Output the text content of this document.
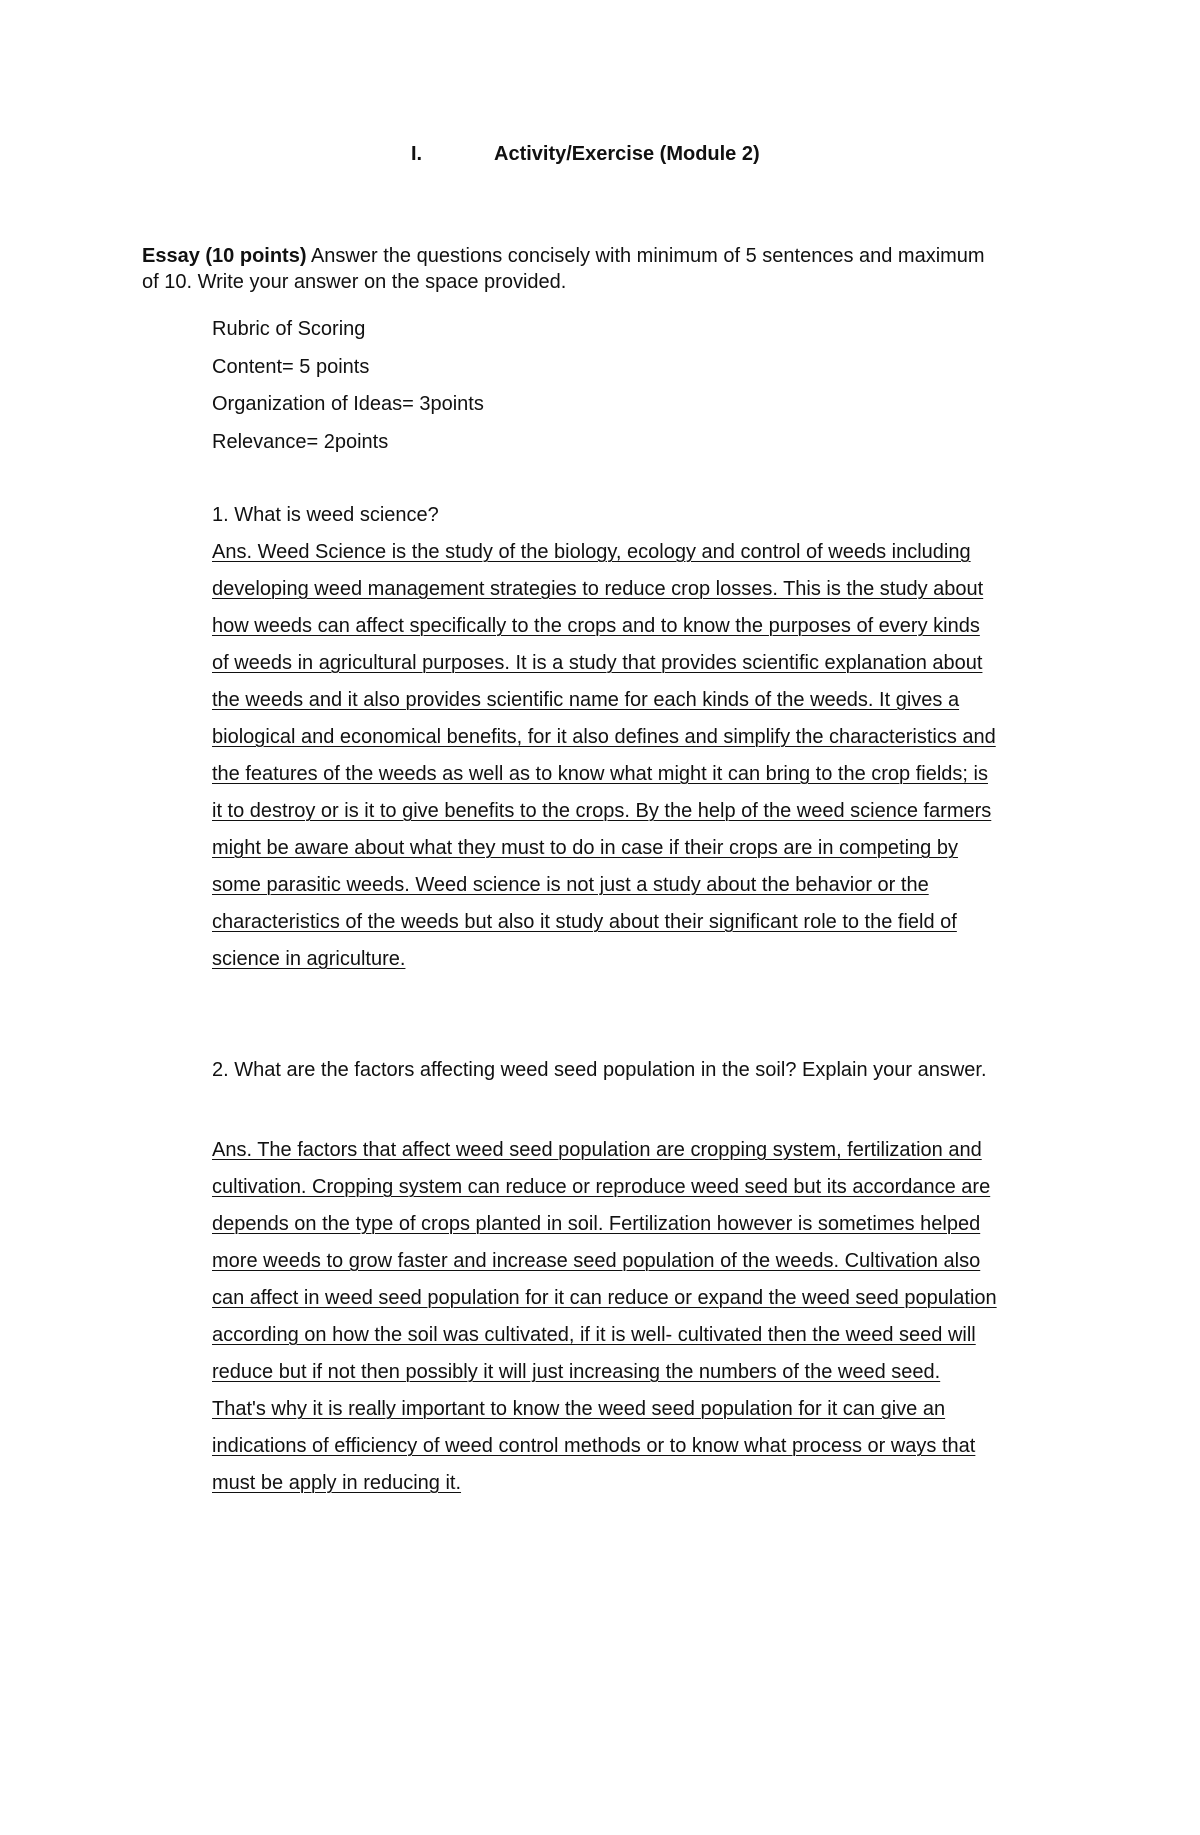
I.	Activity/Exercise (Module 2)
Essay (10 points) Answer the questions concisely with minimum of 5 sentences and maximum
of 10. Write your answer on the space provided.
Rubric of Scoring
Content= 5 points
Organization of Ideas= 3points
Relevance= 2points
1. What is weed science?
Ans. Weed Science is the study of the biology, ecology and control of weeds including
developing weed management strategies to reduce crop losses. This is the study about
how weeds can affect specifically to the crops and to know the purposes of every kinds
of weeds in agricultural purposes. It is a study that provides scientific explanation about
the weeds and it also provides scientific name for each kinds of the weeds. It gives a
biological and economical benefits, for it also defines and simplify the characteristics and
the features of the weeds as well as to know what might it can bring to the crop fields; is
it to destroy or is it to give benefits to the crops. By the help of the weed science farmers
might be aware about what they must to do in case if their crops are in competing by
some parasitic weeds. Weed science is not just a study about the behavior or the
characteristics of the weeds but also it study about their significant role to the field of
science in agriculture.
2. What are the factors affecting weed seed population in the soil? Explain your answer.
Ans. The factors that affect weed seed population are cropping system, fertilization and
cultivation. Cropping system can reduce or reproduce weed seed but its accordance are
depends on the type of crops planted in soil. Fertilization however is sometimes helped
more weeds to grow faster and increase seed population of the weeds. Cultivation also
can affect in weed seed population for it can reduce or expand the weed seed population
according on how the soil was cultivated, if it is well- cultivated then the weed seed will
reduce but if not then possibly it will just increasing the numbers of the weed seed.
That's why it is really important to know the weed seed population for it can give an
indications of efficiency of weed control methods or to know what process or ways that
must be apply in reducing it.
